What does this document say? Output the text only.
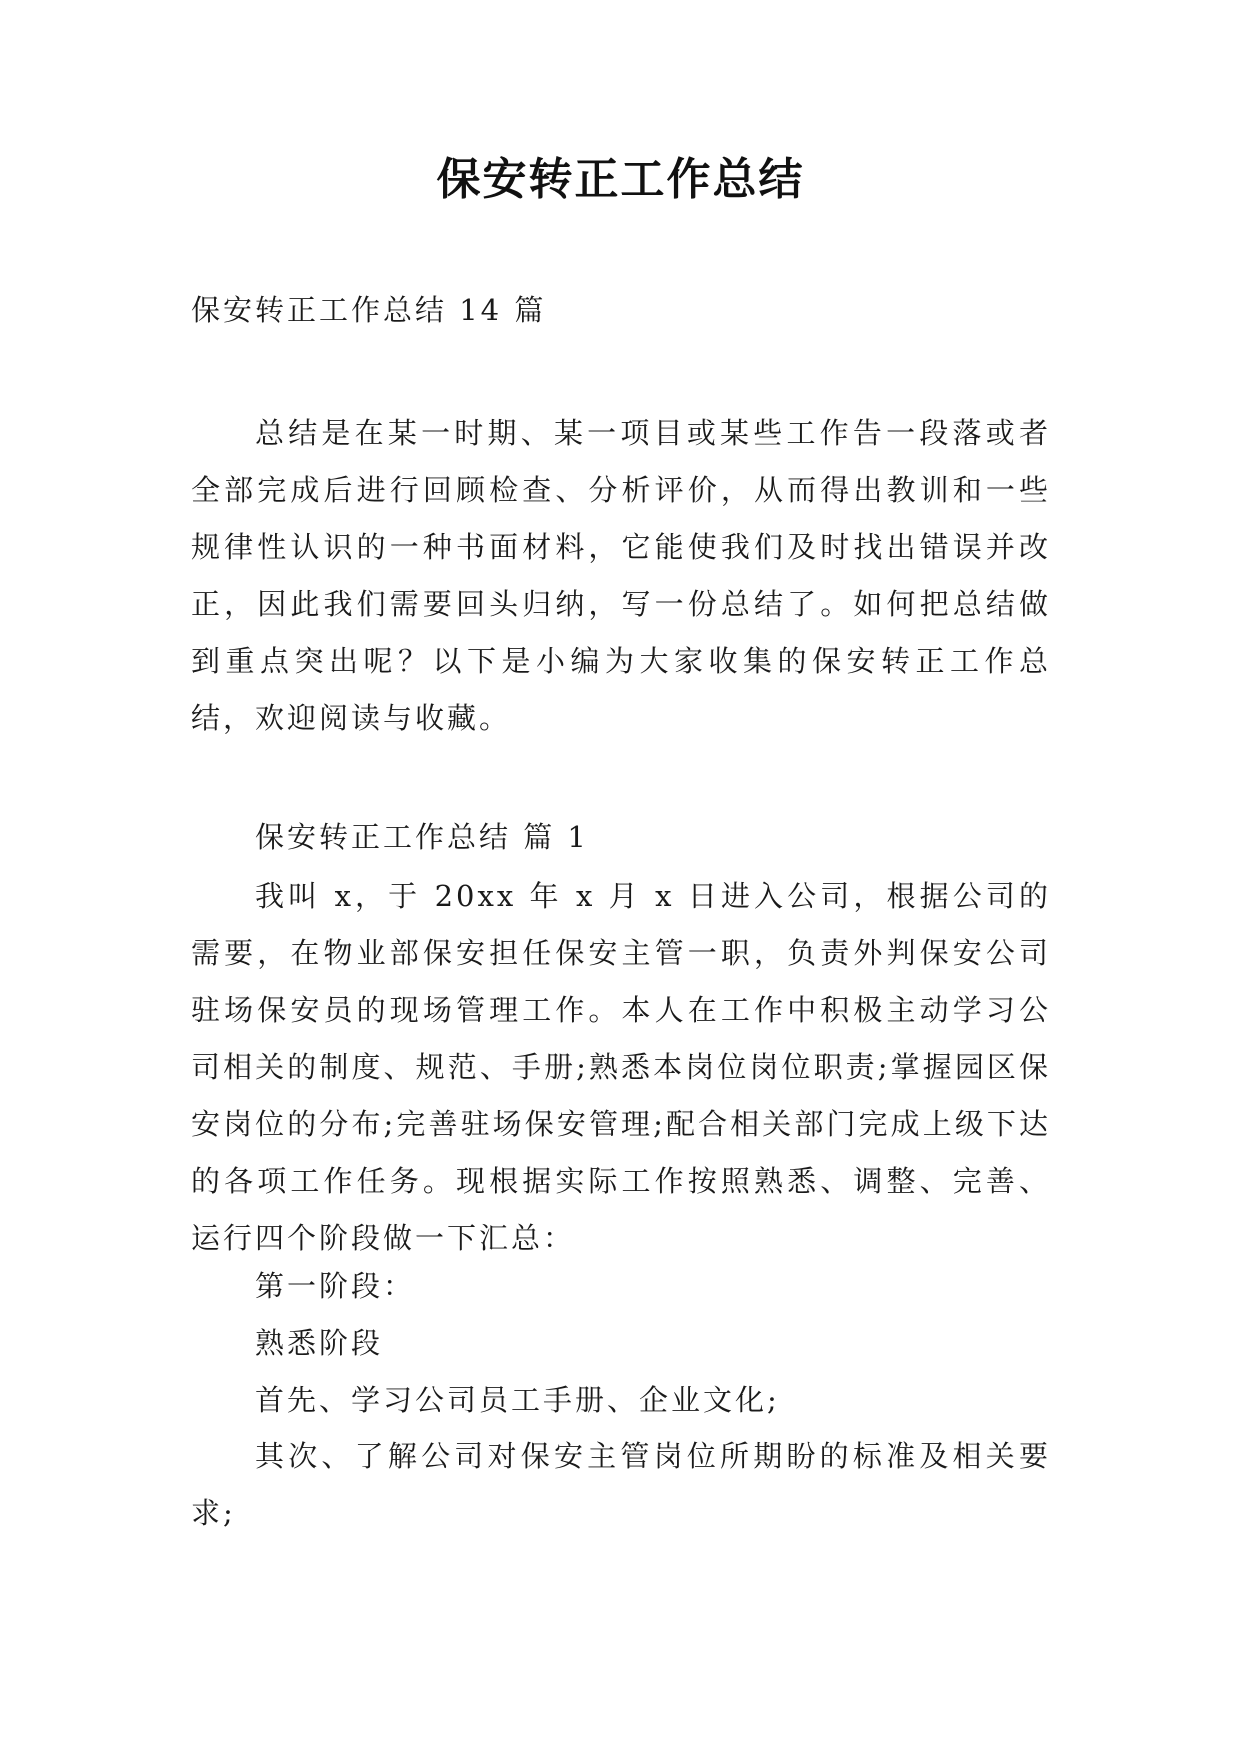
保安转正工作总结
保安转正工作总结 14 篇
总结是在某一时期、某一项目或某些工作告一段落或者全部完成后进行回顾检查、分析评价，从而得出教训和一些规律性认识的一种书面材料，它能使我们及时找出错误并改正，因此我们需要回头归纳，写一份总结了。如何把总结做到重点突出呢？以下是小编为大家收集的保安转正工作总结，欢迎阅读与收藏。
保安转正工作总结 篇 1
我叫 x，于 20xx 年 x 月 x 日进入公司，根据公司的需要，在物业部保安担任保安主管一职，负责外判保安公司驻场保安员的现场管理工作。本人在工作中积极主动学习公司相关的制度、规范、手册;熟悉本岗位岗位职责;掌握园区保安岗位的分布;完善驻场保安管理;配合相关部门完成上级下达的各项工作任务。现根据实际工作按照熟悉、调整、完善、运行四个阶段做一下汇总：
第一阶段：
熟悉阶段
首先、学习公司员工手册、企业文化;
其次、了解公司对保安主管岗位所期盼的标准及相关要求;
